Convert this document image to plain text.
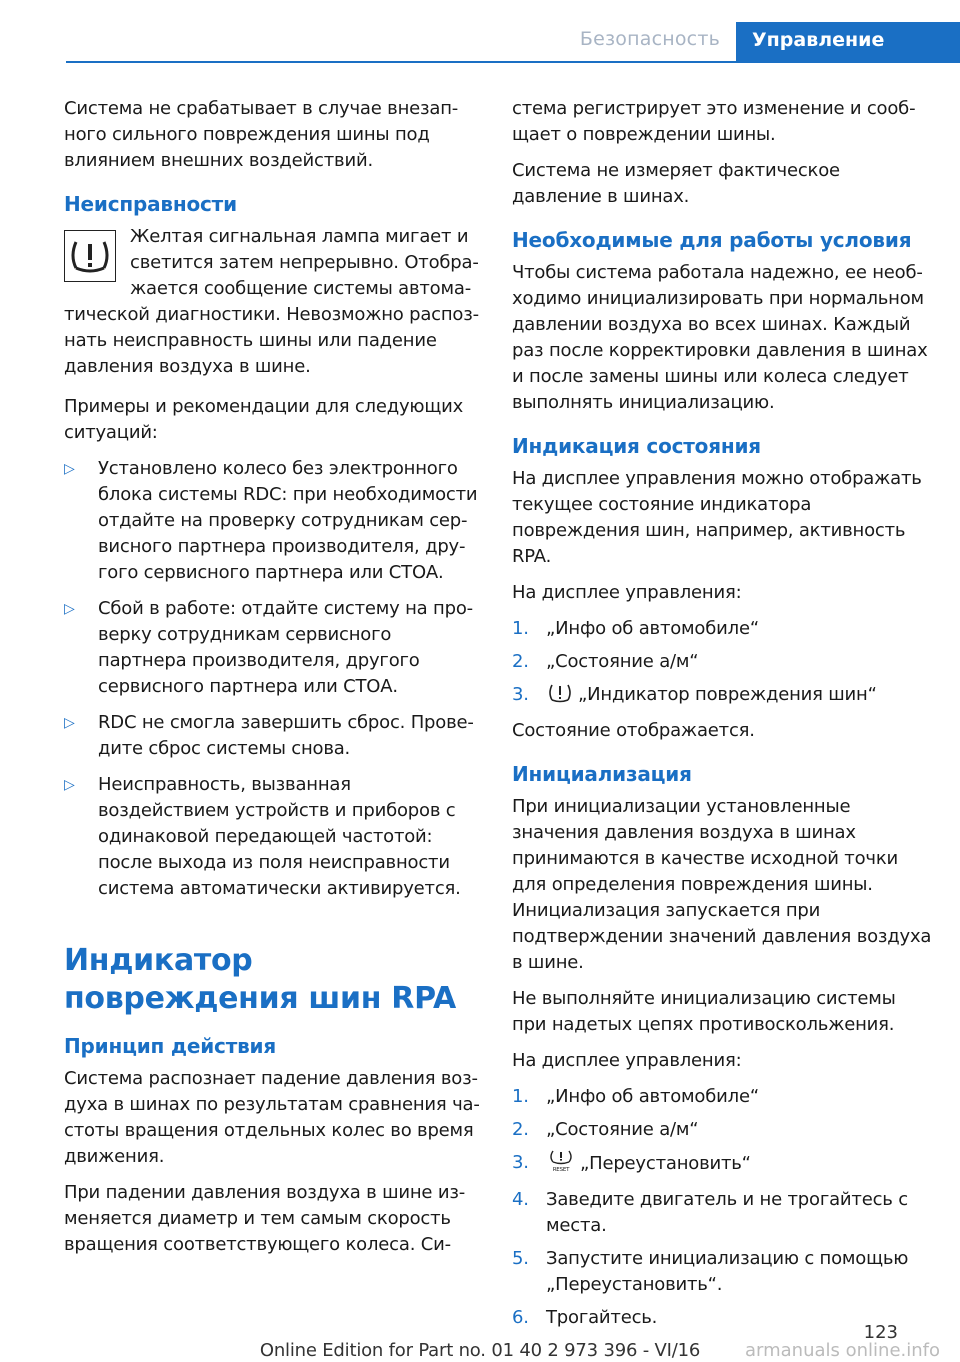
Безопасность	Управление

Система не срабатывает в случае внезапного сильного повреждения шины под влиянием внешних воздействий.

Неисправности

Желтая сигнальная лампа мигает и светится затем непрерывно. Отображается сообщение системы автоматической диагностики. Невозможно распознать неисправность шины или падение давления воздуха в шине.

Примеры и рекомендации для следующих ситуаций:

▷ Установлено колесо без электронного блока системы RDC: при необходимости отдайте на проверку сотрудникам сервисного партнера производителя, другого сервисного партнера или СТОА.
▷ Сбой в работе: отдайте систему на проверку сотрудникам сервисного партнера производителя, другого сервисного партнера или СТОА.
▷ RDC не смогла завершить сброс. Проведите сброс системы снова.
▷ Неисправность, вызванная воздействием устройств и приборов с одинаковой передающей частотой: после выхода из поля неисправности система автоматически активируется.
Индикатор повреждения шин RPA
Принцип действия

Система распознает падение давления воздуха в шинах по результатам сравнения частоты вращения отдельных колес во время движения.

При падении давления воздуха в шине изменяется диаметр и тем самым скорость вращения соответствующего колеса. Си-

стема регистрирует это изменение и сообщает о повреждении шины.

Система не измеряет фактическое давление в шинах.

Необходимые для работы условия

Чтобы система работала надежно, ее необходимо инициализировать при нормальном давлении воздуха во всех шинах. Каждый раз после корректировки давления в шинах и после замены шины или колеса следует выполнять инициализацию.

Индикация состояния

На дисплее управления можно отображать текущее состояние индикатора повреждения шин, например, активность RPA.

На дисплее управления:

1. „Инфо об автомобиле“
2. „Состояние а/м“
3.	„Индикатор повреждения шин“

Состояние отображается.

Инициализация

При инициализации установленные значения давления воздуха в шинах принимаются в качестве исходной точки для определения повреждения шины. Инициализация запускается при подтверждении значений давления воздуха в шине.

Не выполняйте инициализацию системы при надетых цепях противоскольжения.

На дисплее управления:

1. „Инфо об автомобиле“
2. „Состояние а/м“
3.	RESET „Переустановить“
4. Заведите двигатель и не трогайтесь с места.
5. Запустите инициализацию с помощью „Переустановить“.
6. Трогайтесь.
123
Online Edition for Part no. 01 40 2 973 396 - VI/16	armanuals online.info
